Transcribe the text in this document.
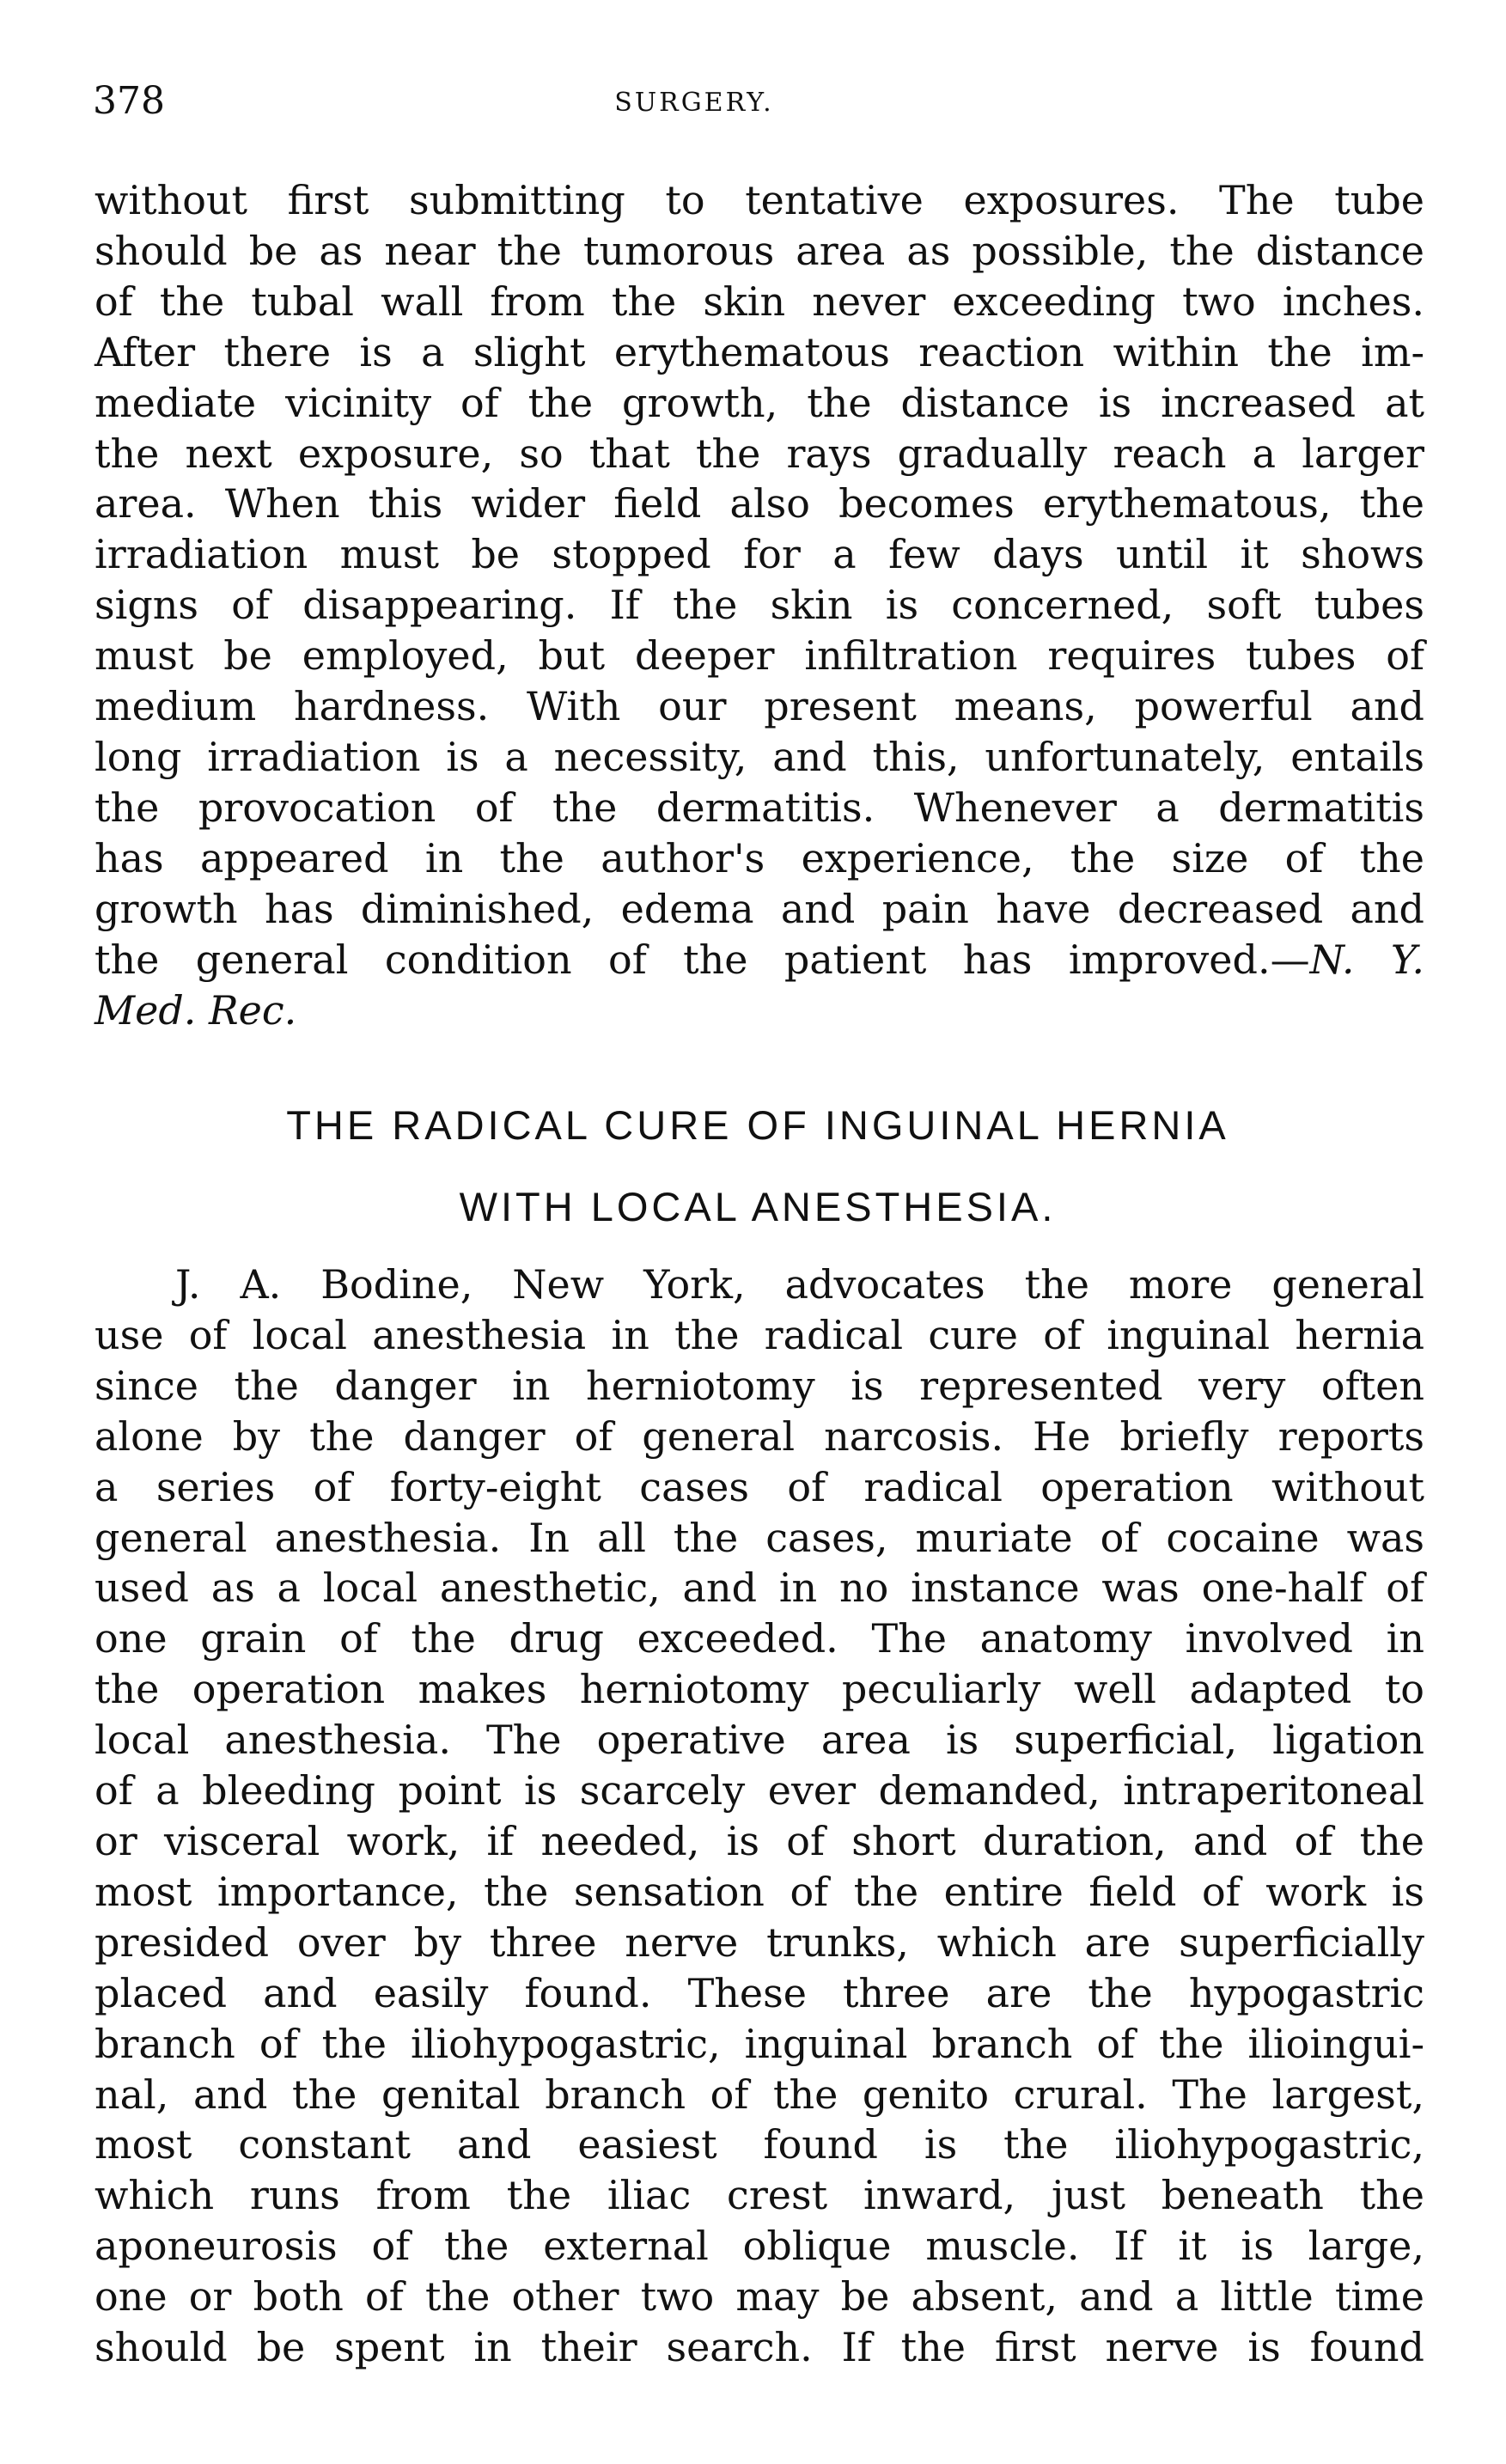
378	SURGERY.
without first submitting to tentative exposures. The tube
should be as near the tumorous area as possible, the distance
of the tubal wall from the skin never exceeding two inches.
After there is a slight erythematous reaction within the im-
mediate vicinity of the growth, the distance is increased at
the next exposure, so that the rays gradually reach a larger
area. When this wider field also becomes erythematous, the
irradiation must be stopped for a few days until it shows
signs of disappearing. If the skin is concerned, soft tubes
must be employed, but deeper infiltration requires tubes of
medium hardness. With our present means, powerful and
long irradiation is a necessity, and this, unfortunately, entails
the provocation of the dermatitis. Whenever a dermatitis
has appeared in the author's experience, the size of the
growth has diminished, edema and pain have decreased and
the general condition of the patient has improved.—N. Y.
Med. Rec.
THE RADICAL CURE OF INGUINAL HERNIA
WITH LOCAL ANESTHESIA.
J. A. Bodine, New York, advocates the more general
use of local anesthesia in the radical cure of inguinal hernia
since the danger in herniotomy is represented very often
alone by the danger of general narcosis. He briefly reports
a series of forty-eight cases of radical operation without
general anesthesia. In all the cases, muriate of cocaine was
used as a local anesthetic, and in no instance was one-half of
one grain of the drug exceeded. The anatomy involved in
the operation makes herniotomy peculiarly well adapted to
local anesthesia. The operative area is superficial, ligation
of a bleeding point is scarcely ever demanded, intraperitoneal
or visceral work, if needed, is of short duration, and of the
most importance, the sensation of the entire field of work is
presided over by three nerve trunks, which are superficially
placed and easily found. These three are the hypogastric
branch of the iliohypogastric, inguinal branch of the ilioingui-
nal, and the genital branch of the genito crural. The largest,
most constant and easiest found is the iliohypogastric,
which runs from the iliac crest inward, just beneath the
aponeurosis of the external oblique muscle. If it is large,
one or both of the other two may be absent, and a little time
should be spent in their search. If the first nerve is found
